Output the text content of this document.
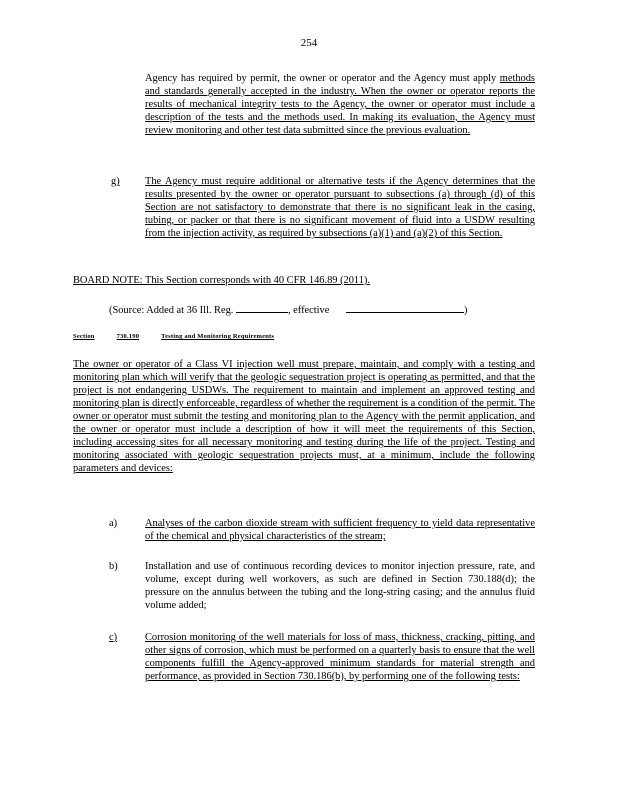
254

Agency has required by permit, the owner or operator and the Agency must apply methods and standards generally accepted in the industry. When the owner or operator reports the results of mechanical integrity tests to the Agency, the owner or operator must include a description of the tests and the methods used. In making its evaluation, the Agency must review monitoring and other test data submitted since the previous evaluation.

g) The Agency must require additional or alternative tests if the Agency determines that the results presented by the owner or operator pursuant to subsections (a) through (d) of this Section are not satisfactory to demonstrate that there is no significant leak in the casing, tubing, or packer or that there is no significant movement of fluid into a USDW resulting from the injection activity, as required by subsections (a)(1) and (a)(2) of this Section.

BOARD NOTE: This Section corresponds with 40 CFR 146.89 (2011).

(Source: Added at 36 Ill. Reg.	, effective	)
Section	730.190	Testing and Monitoring Requirements

The owner or operator of a Class VI injection well must prepare, maintain, and comply with a testing and monitoring plan which will verify that the geologic sequestration project is operating as permitted, and that the project is not endangering USDWs. The requirement to maintain and implement an approved testing and monitoring plan is directly enforceable, regardless of whether the requirement is a condition of the permit. The owner or operator must submit the testing and monitoring plan to the Agency with the permit application, and the owner or operator must include a description of how it will meet the requirements of this Section, including accessing sites for all necessary monitoring and testing during the life of the project. Testing and monitoring associated with geologic sequestration projects must, at a minimum, include the following parameters and devices:

a)	Analyses of the carbon dioxide stream with sufficient frequency to yield data representative of the chemical and physical characteristics of the stream;

b)	Installation and use of continuous recording devices to monitor injection pressure, rate, and volume, except during well workovers, as such are defined in Section 730.188(d); the pressure on the annulus between the tubing and the long-string casing; and the annulus fluid volume added;

c)	Corrosion monitoring of the well materials for loss of mass, thickness, cracking, pitting, and other signs of corrosion, which must be performed on a quarterly basis to ensure that the well components fulfill the Agency-approved minimum standards for material strength and performance, as provided in Section 730.186(b), by performing one of the following tests:
